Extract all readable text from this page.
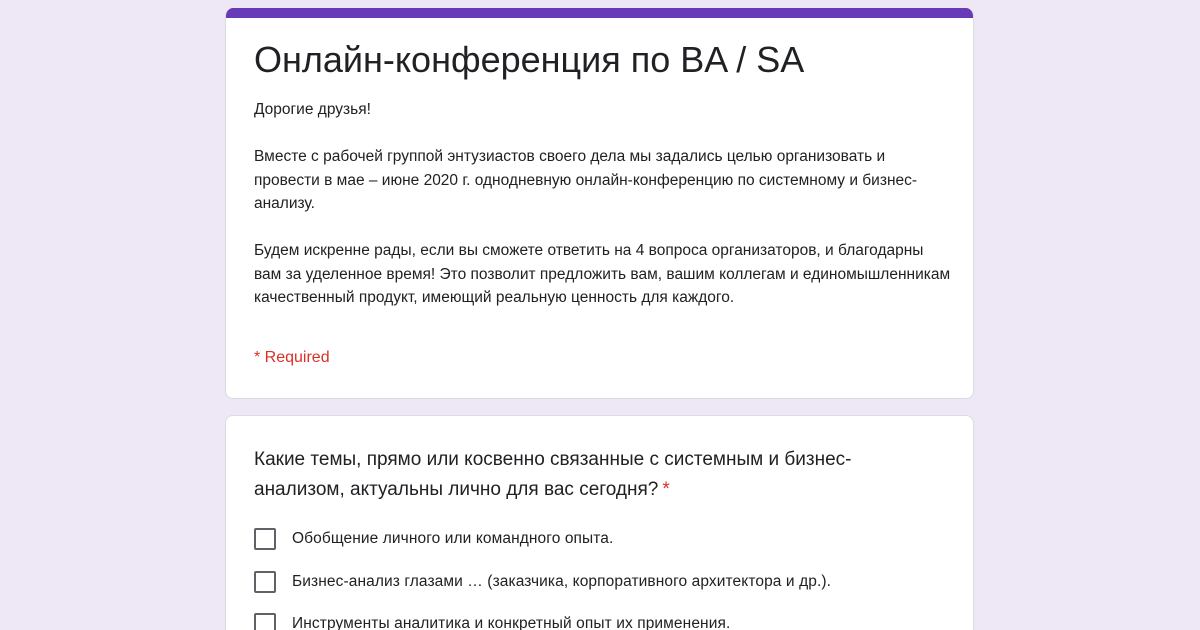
Онлайн-конференция по BA / SA

Дорогие друзья!

Вместе с рабочей группой энтузиастов своего дела мы задались целью организовать и провести в мае – июне 2020 г. однодневную онлайн-конференцию по системному и бизнес-анализу.

Будем искренне рады, если вы сможете ответить на 4 вопроса организаторов, и благодарны вам за уделенное время! Это позволит предложить вам, вашим коллегам и единомышленникам качественный продукт, имеющий реальную ценность для каждого.

* Required
Какие темы, прямо или косвенно связанные с системным и бизнес-анализом, актуальны лично для вас сегодня? *
Обобщение личного или командного опыта.
Бизнес-анализ глазами … (заказчика, корпоративного архитектора и др.).
Инструменты аналитика и конкретный опыт их применения.
